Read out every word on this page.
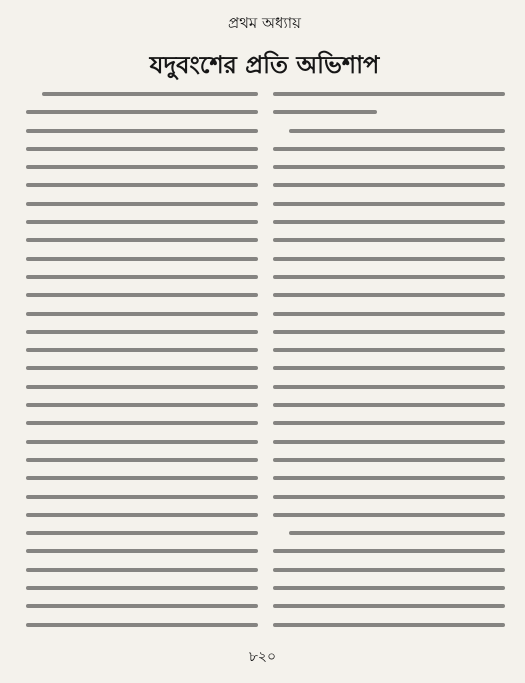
প্রথম অধ্যায়
যদুবংশের প্রতি অভিশাপ
৮২০
